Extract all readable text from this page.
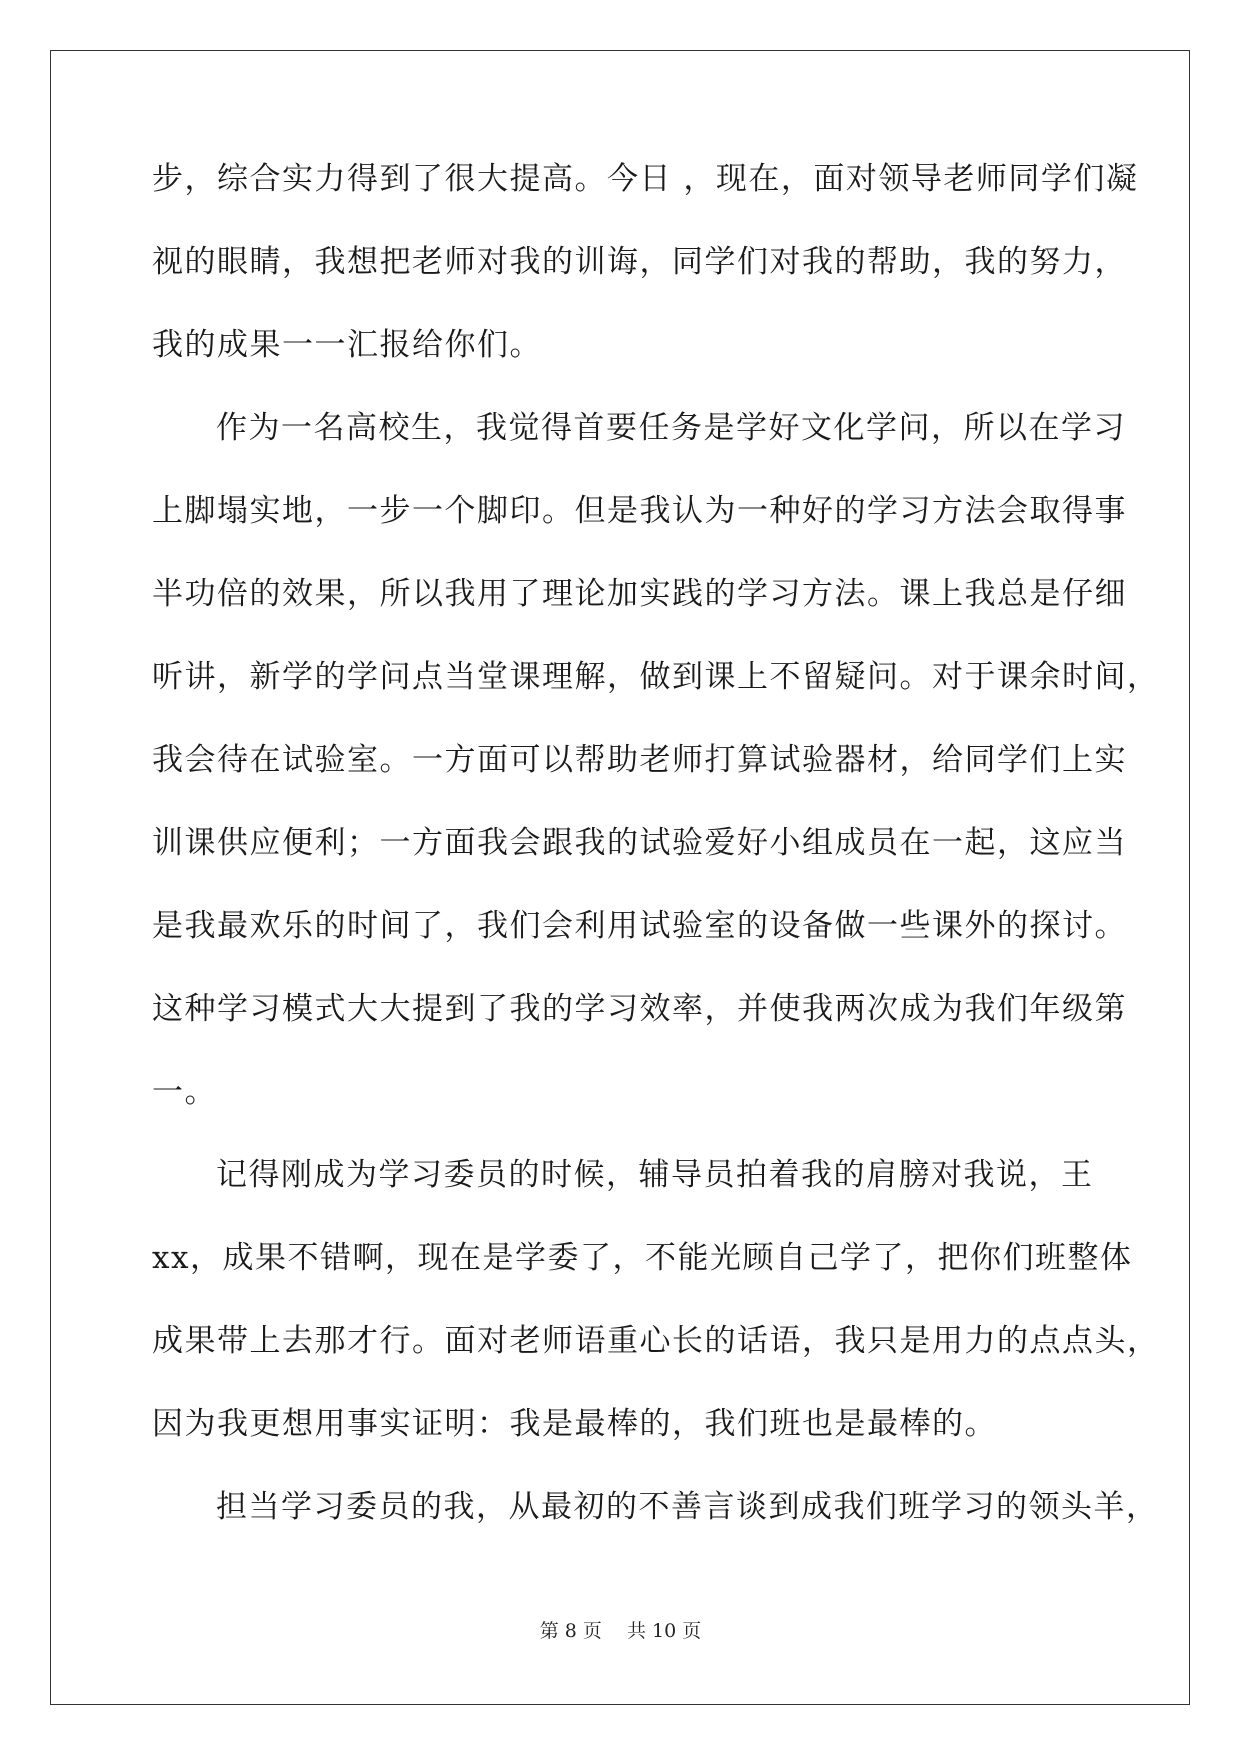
步，综合实力得到了很大提高。今日 ，现在，面对领导老师同学们凝
视的眼睛，我想把老师对我的训诲，同学们对我的帮助，我的努力，
我的成果一一汇报给你们。
作为一名高校生，我觉得首要任务是学好文化学问，所以在学习
上脚塌实地，一步一个脚印。但是我认为一种好的学习方法会取得事
半功倍的效果，所以我用了理论加实践的学习方法。课上我总是仔细
听讲，新学的学问点当堂课理解，做到课上不留疑问。对于课余时间，
我会待在试验室。一方面可以帮助老师打算试验器材，给同学们上实
训课供应便利；一方面我会跟我的试验爱好小组成员在一起，这应当
是我最欢乐的时间了，我们会利用试验室的设备做一些课外的探讨。
这种学习模式大大提到了我的学习效率，并使我两次成为我们年级第
一。
记得刚成为学习委员的时候，辅导员拍着我的肩膀对我说，王
xx，成果不错啊，现在是学委了，不能光顾自己学了，把你们班整体
成果带上去那才行。面对老师语重心长的话语，我只是用力的点点头，
因为我更想用事实证明：我是最棒的，我们班也是最棒的。
担当学习委员的我，从最初的不善言谈到成我们班学习的领头羊，
第 8 页　 共 10 页
